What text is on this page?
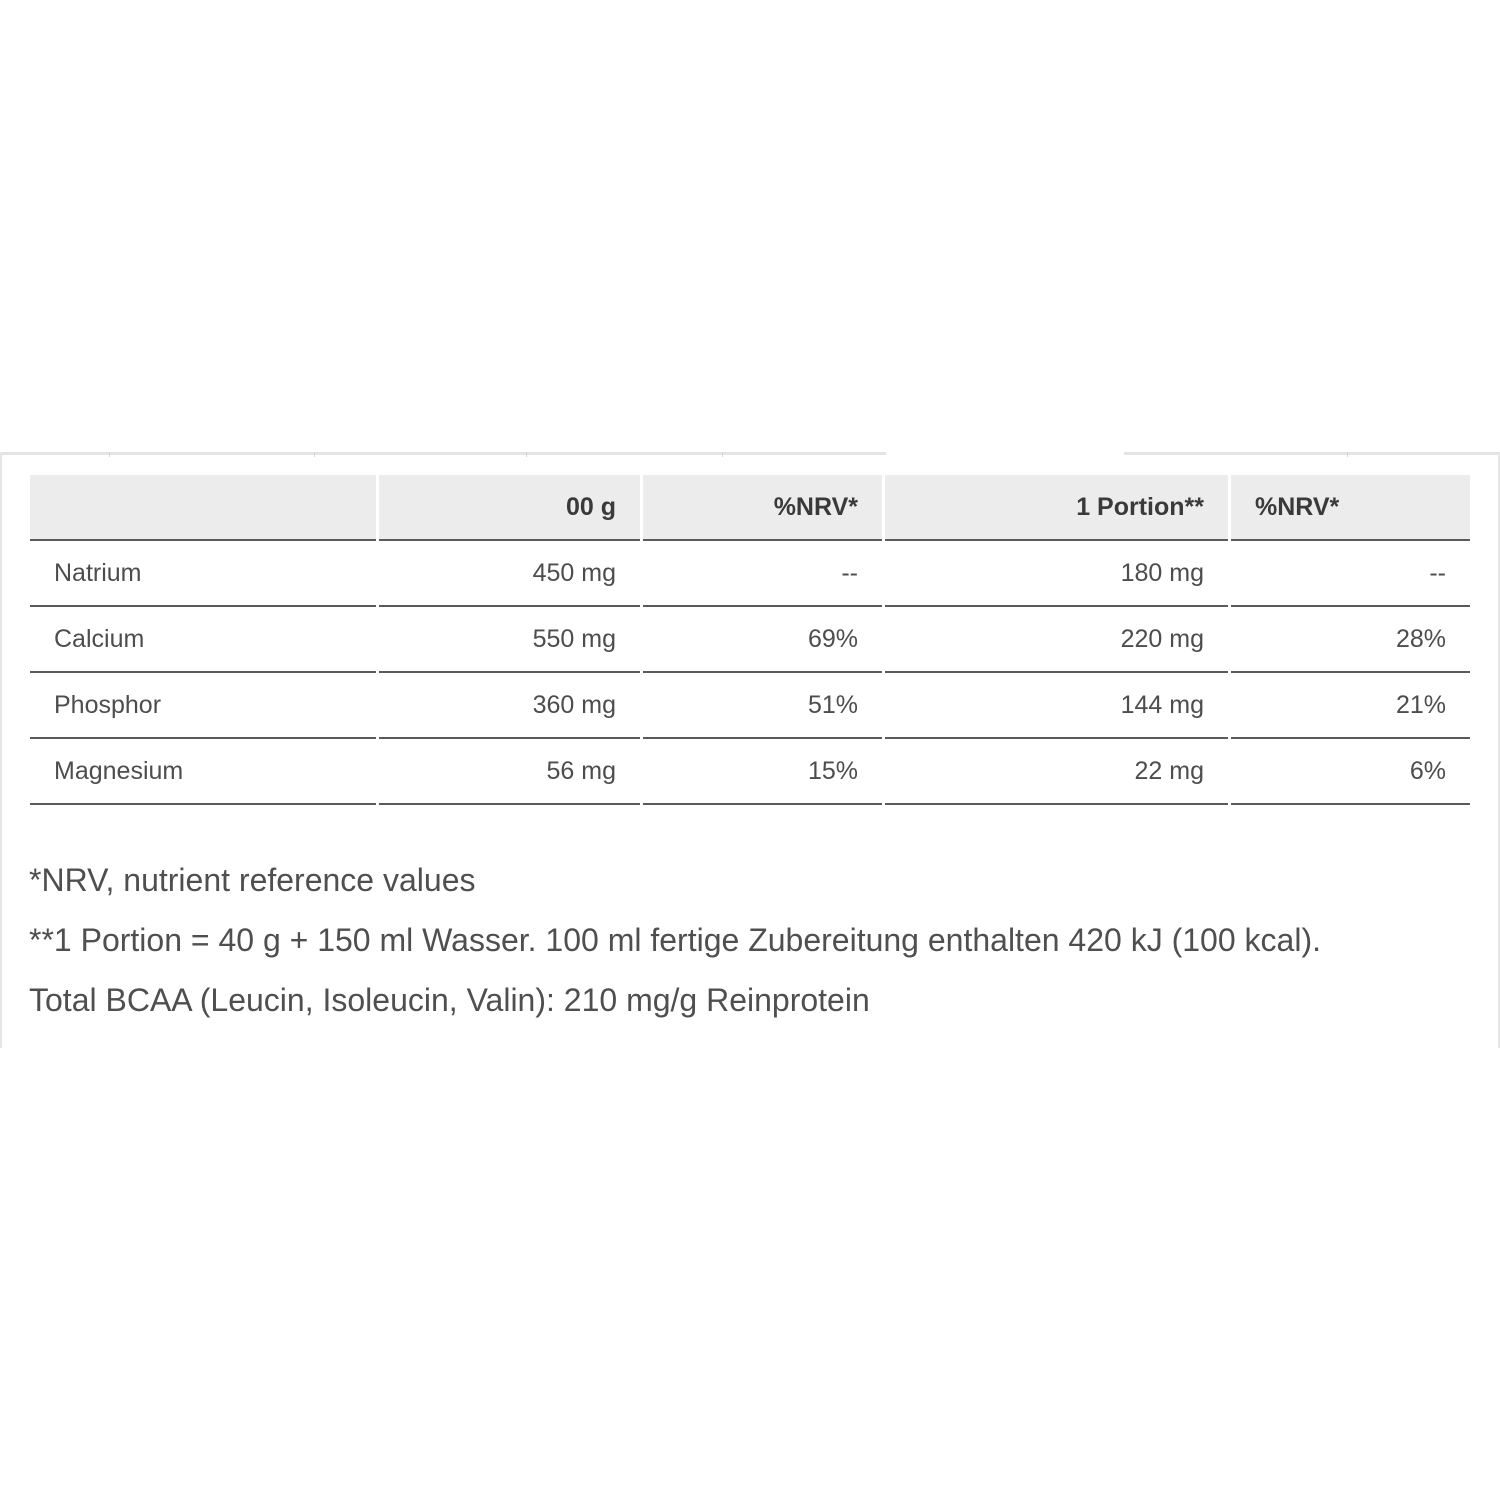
	00 g	%NRV*	1 Portion**	%NRV*
Natrium	450 mg	--	180 mg	--
Calcium	550 mg	69%	220 mg	28%
Phosphor	360 mg	51%	144 mg	21%
Magnesium	56 mg	15%	22 mg	6%

*NRV, nutrient reference values

**1 Portion = 40 g + 150 ml Wasser. 100 ml fertige Zubereitung enthalten 420 kJ (100 kcal).

Total BCAA (Leucin, Isoleucin, Valin): 210 mg/g Reinprotein
